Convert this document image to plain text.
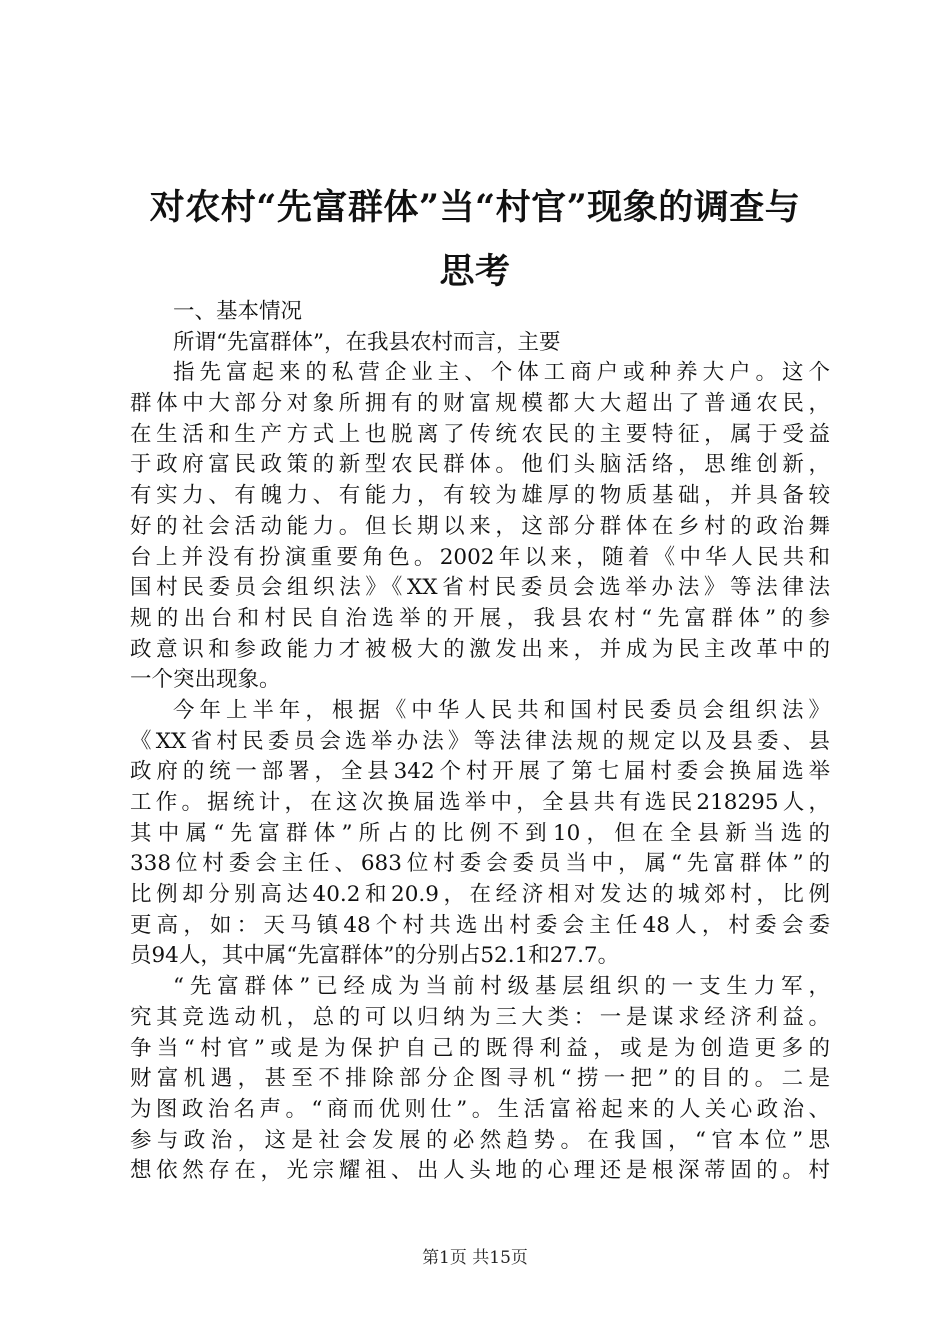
对农村“先富群体”当“村官”现象的调查与
思考
一、基本情况
所谓“先富群体”，在我县农村而言，主要
指先富起来的私营企业主、个体工商户或种养大户。这个
群体中大部分对象所拥有的财富规模都大大超出了普通农民，
在生活和生产方式上也脱离了传统农民的主要特征，属于受益
于政府富民政策的新型农民群体。他们头脑活络，思维创新，
有实力、有魄力、有能力，有较为雄厚的物质基础，并具备较
好的社会活动能力。但长期以来，这部分群体在乡村的政治舞
台上并没有扮演重要角色。2002年以来，随着《中华人民共和
国村民委员会组织法》《XX省村民委员会选举办法》等法律法
规的出台和村民自治选举的开展，我县农村“先富群体”的参
政意识和参政能力才被极大的激发出来，并成为民主改革中的
一个突出现象。
今年上半年，根据《中华人民共和国村民委员会组织法》
《XX省村民委员会选举办法》等法律法规的规定以及县委、县
政府的统一部署，全县342个村开展了第七届村委会换届选举
工作。据统计，在这次换届选举中，全县共有选民218295人，
其中属“先富群体”所占的比例不到10，但在全县新当选的
338位村委会主任、683位村委会委员当中，属“先富群体”的
比例却分别高达40.2和20.9，在经济相对发达的城郊村，比例
更高，如：天马镇48个村共选出村委会主任48人，村委会委
员94人，其中属“先富群体”的分别占52.1和27.7。
“先富群体”已经成为当前村级基层组织的一支生力军，
究其竞选动机，总的可以归纳为三大类：一是谋求经济利益。
争当“村官”或是为保护自己的既得利益，或是为创造更多的
财富机遇，甚至不排除部分企图寻机“捞一把”的目的。二是
为图政治名声。“商而优则仕”。生活富裕起来的人关心政治、
参与政治，这是社会发展的必然趋势。在我国，“官本位”思
想依然存在，光宗耀祖、出人头地的心理还是根深蒂固的。村
第1页 共15页
